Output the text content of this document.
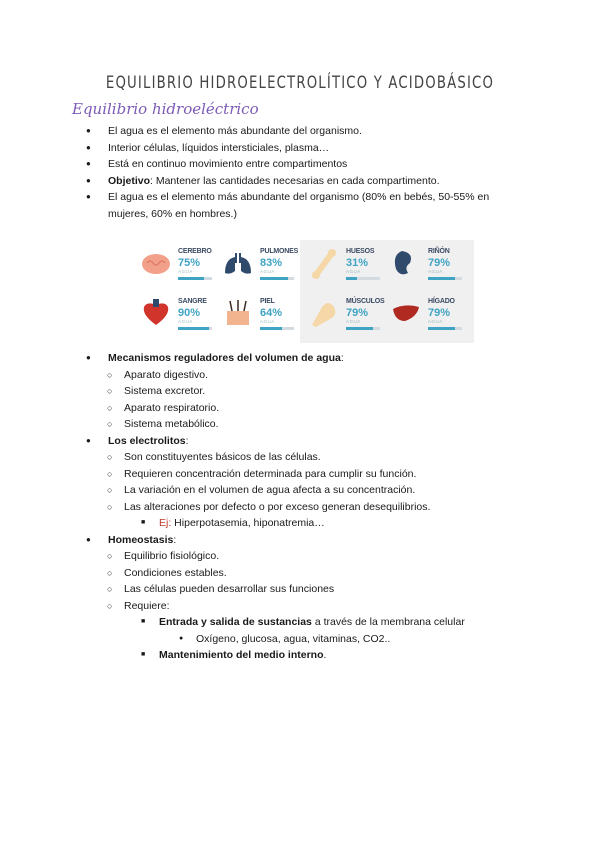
EQUILIBRIO HIDROELECTROLÍTICO Y ACIDOBÁSICO
Equilibrio hidroeléctrico
● El agua es el elemento más abundante del organismo.
● Interior células, líquidos intersticiales, plasma…
● Está en continuo movimiento entre compartimentos
● Objetivo: Mantener las cantidades necesarias en cada compartimento.
● El agua es el elemento más abundante del organismo (80% en bebés, 50-55% en mujeres, 60% en hombres.)
CEREBRO
75%
AGUA
PULMONES
83%
AGUA
HUESOS
31%
AGUA
RIÑÓN
79%
AGUA
SANGRE
90%
AGUA
PIEL
64%
AGUA
MÚSCULOS
79%
AGUA
HÍGADO
79%
AGUA
● Mecanismos reguladores del volumen de agua:
○ Aparato digestivo.
○ Sistema excretor.
○ Aparato respiratorio.
○ Sistema metabólico.
● Los electrolitos:
○ Son constituyentes básicos de las células.
○ Requieren concentración determinada para cumplir su función.
○ La variación en el volumen de agua afecta a su concentración.
○ Las alteraciones por defecto o por exceso generan desequilibrios.
■ Ej: Hiperpotasemia, hiponatremia…
● Homeostasis:
○ Equilibrio fisiológico.
○ Condiciones estables.
○ Las células pueden desarrollar sus funciones
○ Requiere:
■ Entrada y salida de sustancias a través de la membrana celular
● Oxígeno, glucosa, agua, vitaminas, CO2..
■ Mantenimiento del medio interno.
